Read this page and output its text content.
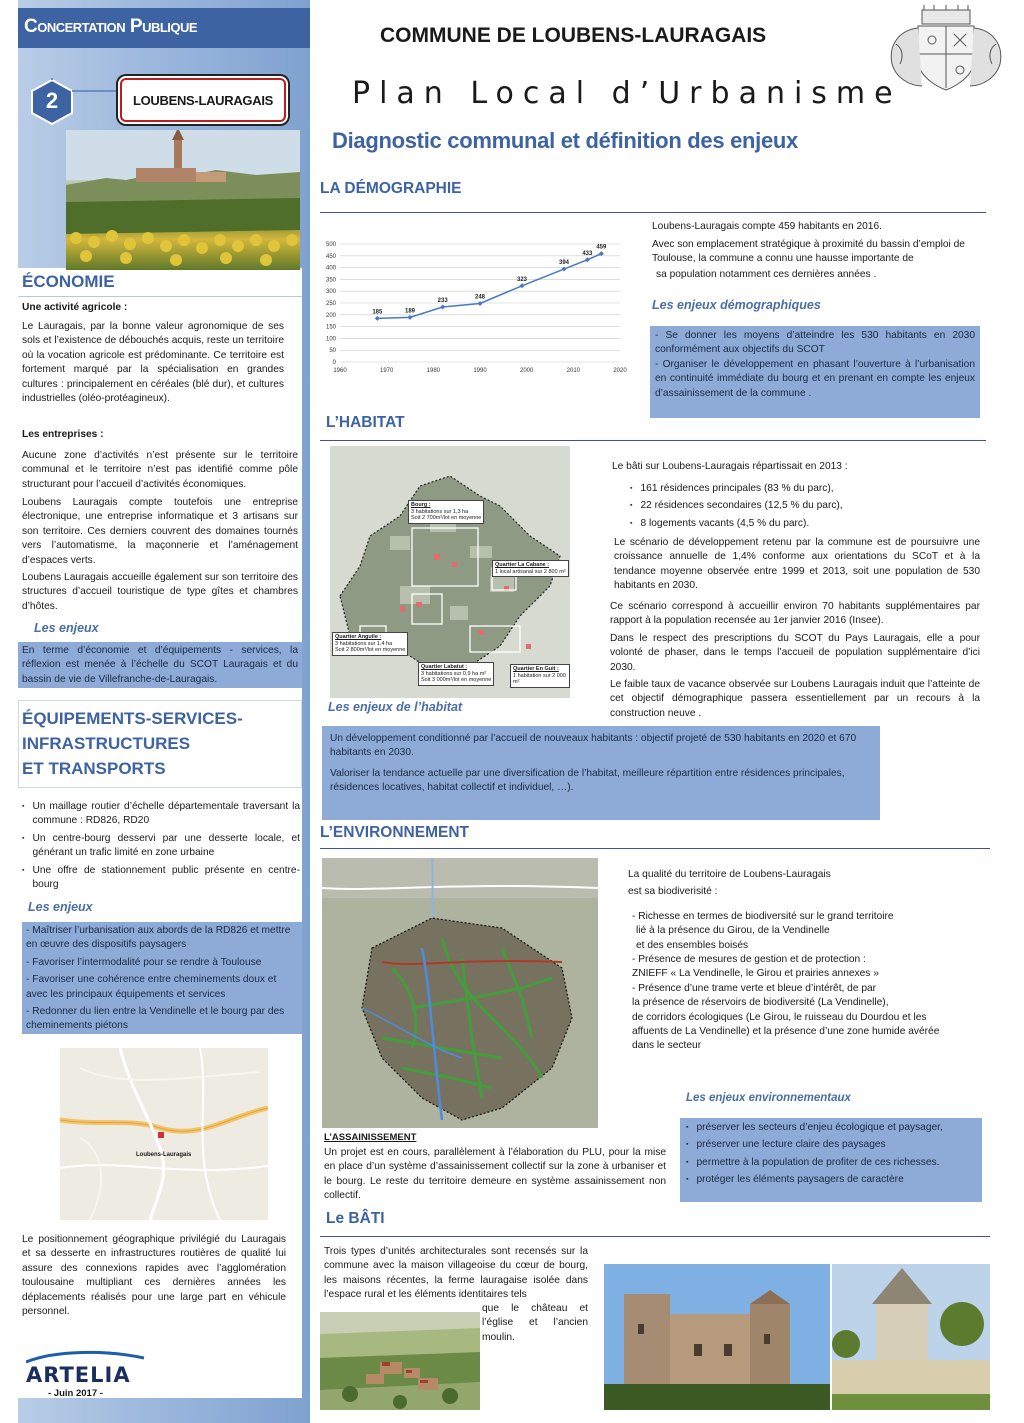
Concertation Publique
2	LOUBENS-LAURAGAIS
ÉCONOMIE
Une activité agricole :
Le Lauragais, par la bonne valeur agronomique de ses sols et l’existence de débouchés acquis, reste un territoire où la vocation agricole est prédominante. Ce territoire est fortement marqué par la spécialisation en grandes cultures : principalement en céréales (blé dur), et cultures industrielles (oléo-protéagineux).
Les entreprises :
Aucune zone d’activités n’est présente sur le territoire communal et le territoire n’est pas identifié comme pôle structurant pour l’accueil d’activités économiques.
Loubens Lauragais compte toutefois une entreprise électronique, une entreprise informatique et 3 artisans sur son territoire. Ces derniers couvrent des domaines tournés vers l’automatisme, la maçonnerie et l’aménagement d’espaces verts.
Loubens Lauragais accueille également sur son territoire des structures d’accueil touristique de type gîtes et chambres d’hôtes.
Les enjeux
En terme d’économie et d’équipements - services, la réflexion est menée à l’échelle du SCOT Lauragais et du bassin de vie de Villefranche-de-Lauragais.
ÉQUIPEMENTS-SERVICES-
INFRASTRUCTURES
ET TRANSPORTS
▪ Un maillage routier d’échelle départementale traversant la commune : RD826, RD20
▪ Un centre-bourg desservi par une desserte locale, et générant un trafic limité en zone urbaine
▪ Une offre de stationnement public présente en centre-bourg
Les enjeux
- Maîtriser l’urbanisation aux abords de la RD826 et mettre en œuvre des dispositifs paysagers
- Favoriser l’intermodalité pour se rendre à Toulouse
- Favoriser une cohérence entre cheminements doux et avec les principaux équipements et services
- Redonner du lien entre la Vendinelle et le bourg par des cheminements piétons
Loubens-Lauragais
Le positionnement géographique privilégié du Lauragais et sa desserte en infrastructures routières de qualité lui assure des connexions rapides avec l’agglomération toulousaine multipliant ces dernières années les déplacements réalisés pour une large part en véhicule personnel.
ARTELIA
- Juin 2017 -
COMMUNE DE LOUBENS-LAURAGAIS
Plan Local d’Urbanisme
Diagnostic communal et définition des enjeux
LA DÉMOGRAPHIE
0
50
100
150
200
250
300
350
400
450
500
1960	1970	1980	1990	2000	2010	2020
185	189
233
248
323
394
433
459
Loubens-Lauragais compte 459 habitants en 2016.
Avec son emplacement stratégique à proximité du bassin d’emploi de Toulouse, la commune a connu une hausse importante de
sa population notamment ces dernières années .
Les enjeux démographiques
- Se donner les moyens d’atteindre les 530 habitants en 2030 conformément aux objectifs du SCOT
- Organiser le développement en phasant l’ouverture à l’urbanisation en continuité immédiate du bourg et en prenant en compte les enjeux d’assainissement de la commune .
L’HABITAT
Bourg :
3 habitations sur 1,3 ha
Soit 2 700m²/lot en moyenne
Quartier La Cabane :
1 local artisanal sur 2 800 m²
Quartier Anguile :
3 habitations sur 1,4 ha
Soit 2 800m²/lot en moyenne
Quartier Labatut :
3 habitations sur 0,9 ha m²
Soit 3 000m²/lot en moyenne
Quartier En Guit :
1 habitation sur 2 000 m²
Le bâti sur Loubens-Lauragais répartissait en 2013 :
▪ 161 résidences principales (83 % du parc),
▪ 22 résidences secondaires (12,5 % du parc),
▪ 8 logements vacants (4,5 % du parc).
Le scénario de développement retenu par la commune est de poursuivre une croissance annuelle de 1,4% conforme aux orientations du SCoT et à la tendance moyenne observée entre 1999 et 2013, soit une population de 530 habitants en 2030.
Ce scénario correspond à accueillir environ 70 habitants supplémentaires par rapport à la population recensée au 1er janvier 2016 (Insee).
Dans le respect des prescriptions du SCOT du Pays Lauragais, elle a pour volonté de phaser, dans le temps l’accueil de population supplémentaire d’ici 2030.
Le faible taux de vacance observée sur Loubens Lauragais induit que l’atteinte de cet objectif démographique passera essentiellement par un recours à la construction neuve .
Les enjeux de l’habitat
Un développement conditionné par l’accueil de nouveaux habitants : objectif projeté de 530 habitants en 2020 et 670 habitants en 2030.
Valoriser la tendance actuelle par une diversification de l’habitat, meilleure répartition entre résidences principales, résidences locatives, habitat collectif et individuel, …).
L’ENVIRONNEMENT
La qualité du territoire de Loubens-Lauragais
est sa biodiverisité :
- Richesse en termes de biodiversité sur le grand territoire
lié à la présence du Girou, de la Vendinelle
et des ensembles boisés
- Présence de mesures de gestion et de protection :
ZNIEFF « La Vendinelle, le Girou et prairies annexes »
- Présence d’une trame verte et bleue d’intérêt, de par
la présence de réservoirs de biodiversité (La Vendinelle),
de corridors écologiques (Le Girou, le ruisseau du Dourdou et les
affuents de La Vendinelle) et la présence d’une zone humide avérée
dans le secteur
Les enjeux environnementaux
▪ préserver les secteurs d’enjeu écologique et paysager,
▪ préserver une lecture claire des paysages
▪ permettre à la population de profiter de ces richesses.
▪ protéger les éléments paysagers de caractère
L’ASSAINISSEMENT
Un projet est en cours, parallèlement à l’élaboration du PLU, pour la mise en place d’un système d’assainissement collectif sur la zone à urbaniser et le bourg. Le reste du territoire demeure en système assainissement non collectif.
Le BÂTI
Trois types d’unités architecturales sont recensés sur la commune avec la maison villageoise du cœur de bourg, les maisons récentes, la ferme lauragaise isolée dans l’espace rural et les éléments identitaires tels
que le château et l’église et l’ancien moulin.
